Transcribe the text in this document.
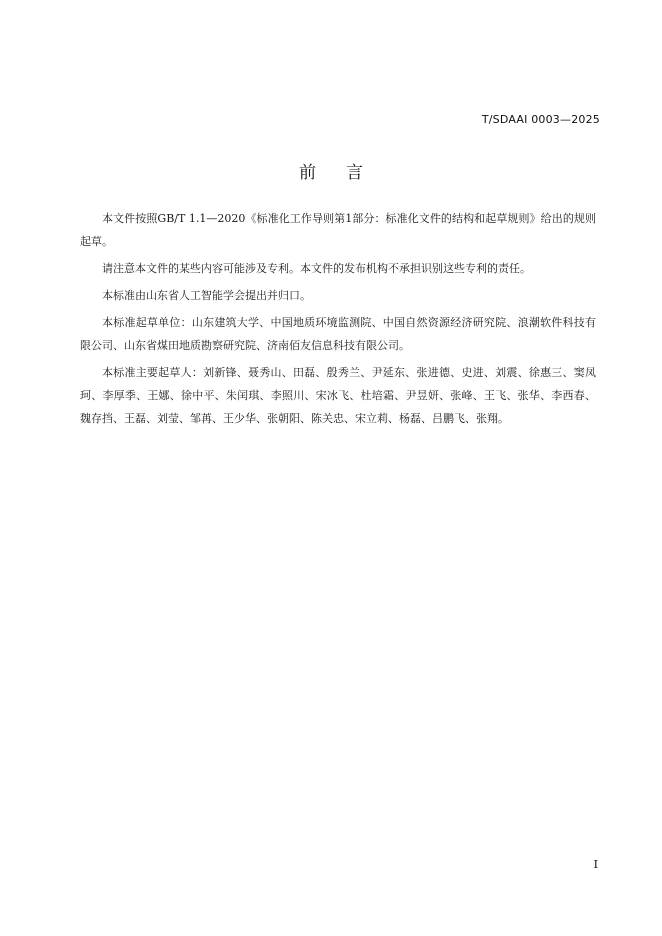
T/SDAAI 0003—2025
前 言

本文件按照GB/T 1.1—2020《标准化工作导则第1部分：标准化文件的结构和起草规则》给出的规则起草。

请注意本文件的某些内容可能涉及专利。本文件的发布机构不承担识别这些专利的责任。

本标准由山东省人工智能学会提出并归口。

本标准起草单位：山东建筑大学、中国地质环境监测院、中国自然资源经济研究院、浪潮软件科技有限公司、山东省煤田地质勘察研究院、济南佰友信息科技有限公司。

本标准主要起草人：刘新锋、聂秀山、田磊、殷秀兰、尹延东、张进德、史进、刘震、徐惠三、窦凤珂、李厚季、王娜、徐中平、朱闰琪、李照川、宋冰飞、杜培霜、尹昱妍、张峰、王飞、张华、李西春、魏存挡、王磊、刘莹、邹苒、王少华、张朝阳、陈关忠、宋立莉、杨磊、吕鹏飞、张翔。

I
